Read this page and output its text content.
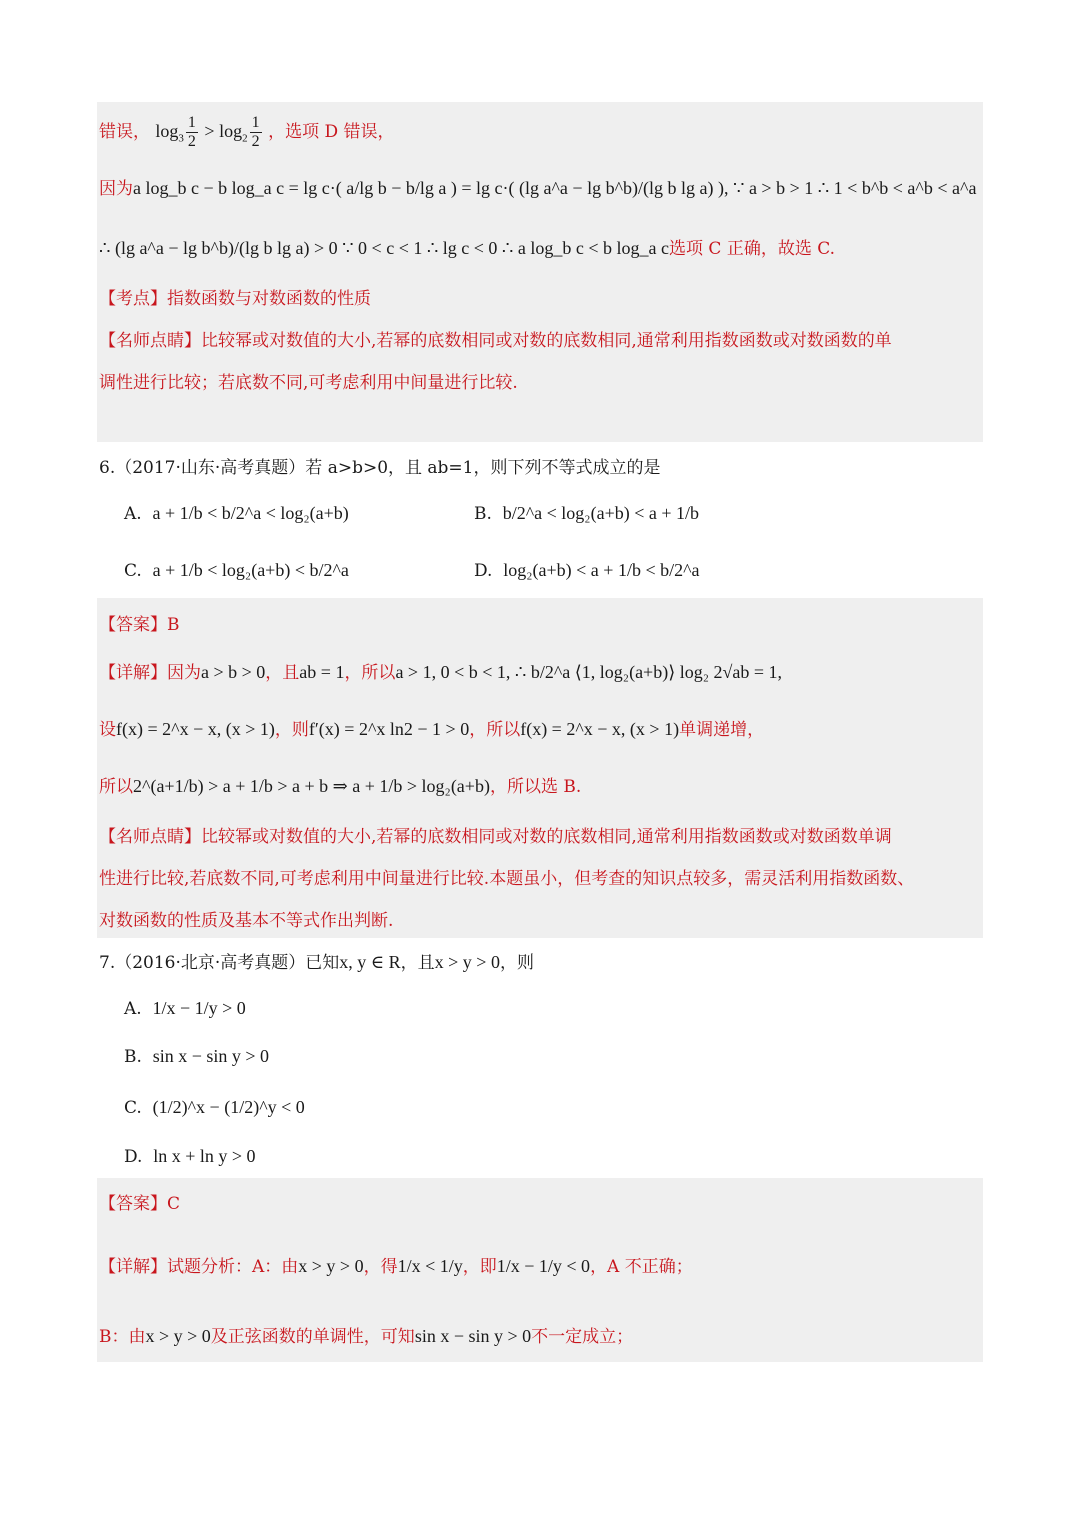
错误， $\log_3 \frac{1}{2} > \log_2 \frac{1}{2}$ ，选项 D 错误，
因为a log_b c − b log_a c = lg c·( a/lg b − b/lg a ) = lg c·( (lg a^a − lg b^b)/(lg b lg a) ), ∵ a > b > 1 ∴ 1 < b^b < a^b < a^a
∴ (lg a^a − lg b^b)/(lg b lg a) > 0 ∵ 0 < c < 1 ∴ lg c < 0 ∴ a log_b c < b log_a c选项 C 正确，故选 C.
【考点】指数函数与对数函数的性质
【名师点睛】比较幂或对数值的大小,若幂的底数相同或对数的底数相同,通常利用指数函数或对数函数的单
调性进行比较；若底数不同,可考虑利用中间量进行比较.
6.（2017·山东·高考真题）若 a>b>0，且 ab=1，则下列不等式成立的是
A. a + 1/b < b/2^a < log₂(a+b)	B. b/2^a < log₂(a+b) < a + 1/b
C. a + 1/b < log₂(a+b) < b/2^a	D. log₂(a+b) < a + 1/b < b/2^a
【答案】B
【详解】因为a > b > 0，且ab = 1，所以a > 1, 0 < b < 1, ∴ b/2^a ⟨1, log₂(a+b)⟩ log₂ 2√ab = 1,
设f(x) = 2^x − x, (x > 1)，则f′(x) = 2^x ln2 − 1 > 0，所以f(x) = 2^x − x, (x > 1)单调递增，
所以2^(a+1/b) > a + 1/b > a + b ⇒ a + 1/b > log₂(a+b)，所以选 B.
【名师点睛】比较幂或对数值的大小,若幂的底数相同或对数的底数相同,通常利用指数函数或对数函数单调
性进行比较,若底数不同,可考虑利用中间量进行比较.本题虽小，但考查的知识点较多，需灵活利用指数函数、
对数函数的性质及基本不等式作出判断.
7.（2016·北京·高考真题）已知x, y ∈ R，且x > y > 0，则
A. 1/x − 1/y > 0
B. sin x − sin y > 0
C. (1/2)^x − (1/2)^y < 0
D. ln x + ln y > 0
【答案】C
【详解】试题分析：A：由x > y > 0，得1/x < 1/y，即1/x − 1/y < 0，A 不正确；
B：由x > y > 0及正弦函数的单调性，可知sin x − sin y > 0不一定成立；
